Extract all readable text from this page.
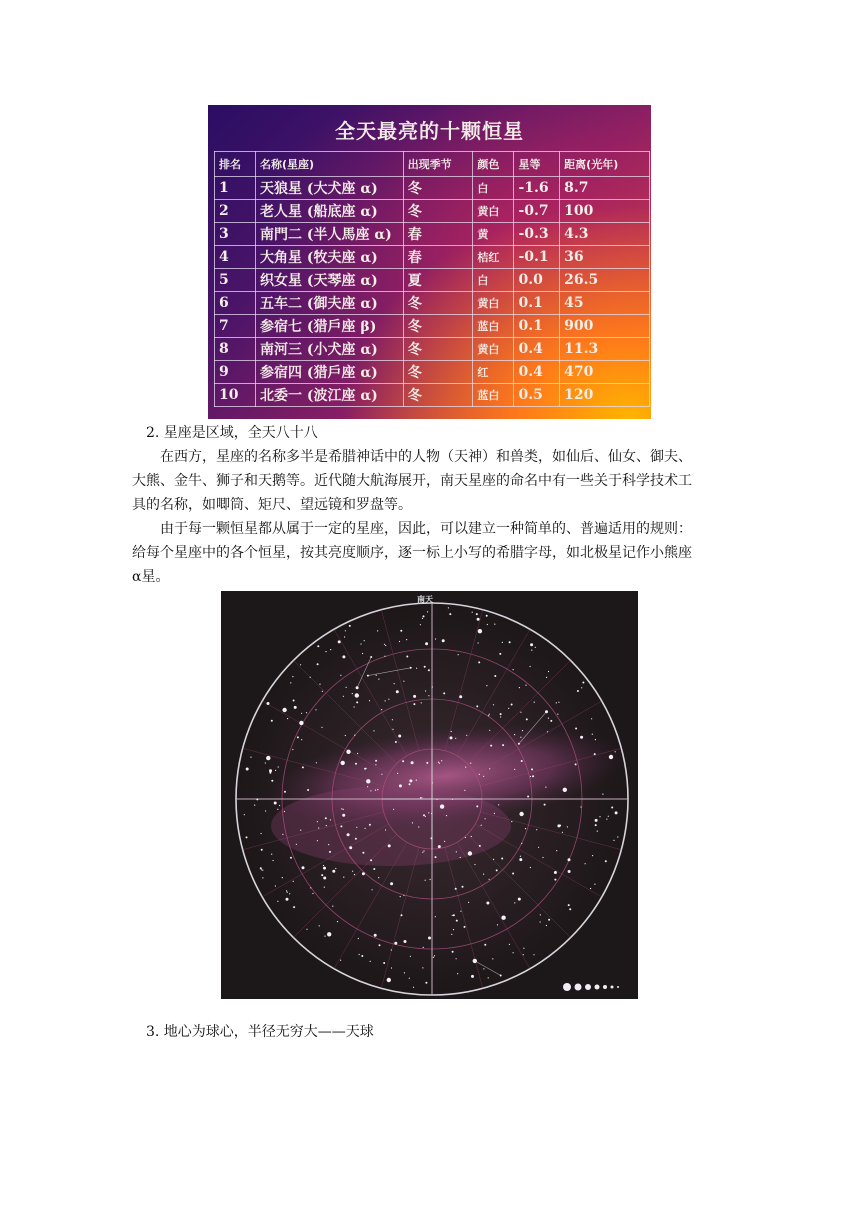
全天最亮的十颗恒星
排名	名称(星座)	出现季节	颜色	星等	距离(光年)
1	天狼星 (大犬座 α)	冬	白	-1.6	8.7
2	老人星 (船底座 α)	冬	黄白	-0.7	100
3	南門二 (半人馬座 α)	春	黄	-0.3	4.3
4	大角星 (牧夫座 α)	春	桔红	-0.1	36
5	织女星 (天琴座 α)	夏	白	0.0	26.5
6	五车二 (御夫座 α)	冬	黄白	0.1	45
7	参宿七 (猎戶座 β)	冬	蓝白	0.1	900
8	南河三 (小犬座 α)	冬	黄白	0.4	11.3
9	参宿四 (猎戶座 α)	冬	红	0.4	470
10	北委一 (波江座 α)	冬	蓝白	0.5	120
2. 星座是区域，全天八十八
在西方，星座的名称多半是希腊神话中的人物（天神）和兽类，如仙后、仙女、御夫、
大熊、金牛、狮子和天鹅等。近代随大航海展开，南天星座的命名中有一些关于科学技术工
具的名称，如唧筒、矩尺、望远镜和罗盘等。
由于每一颗恒星都从属于一定的星座，因此，可以建立一种简单的、普遍适用的规则：
给每个星座中的各个恒星，按其亮度顺序，逐一标上小写的希腊字母，如北极星记作小熊座
α星。
南天
3. 地心为球心，半径无穷大——天球
